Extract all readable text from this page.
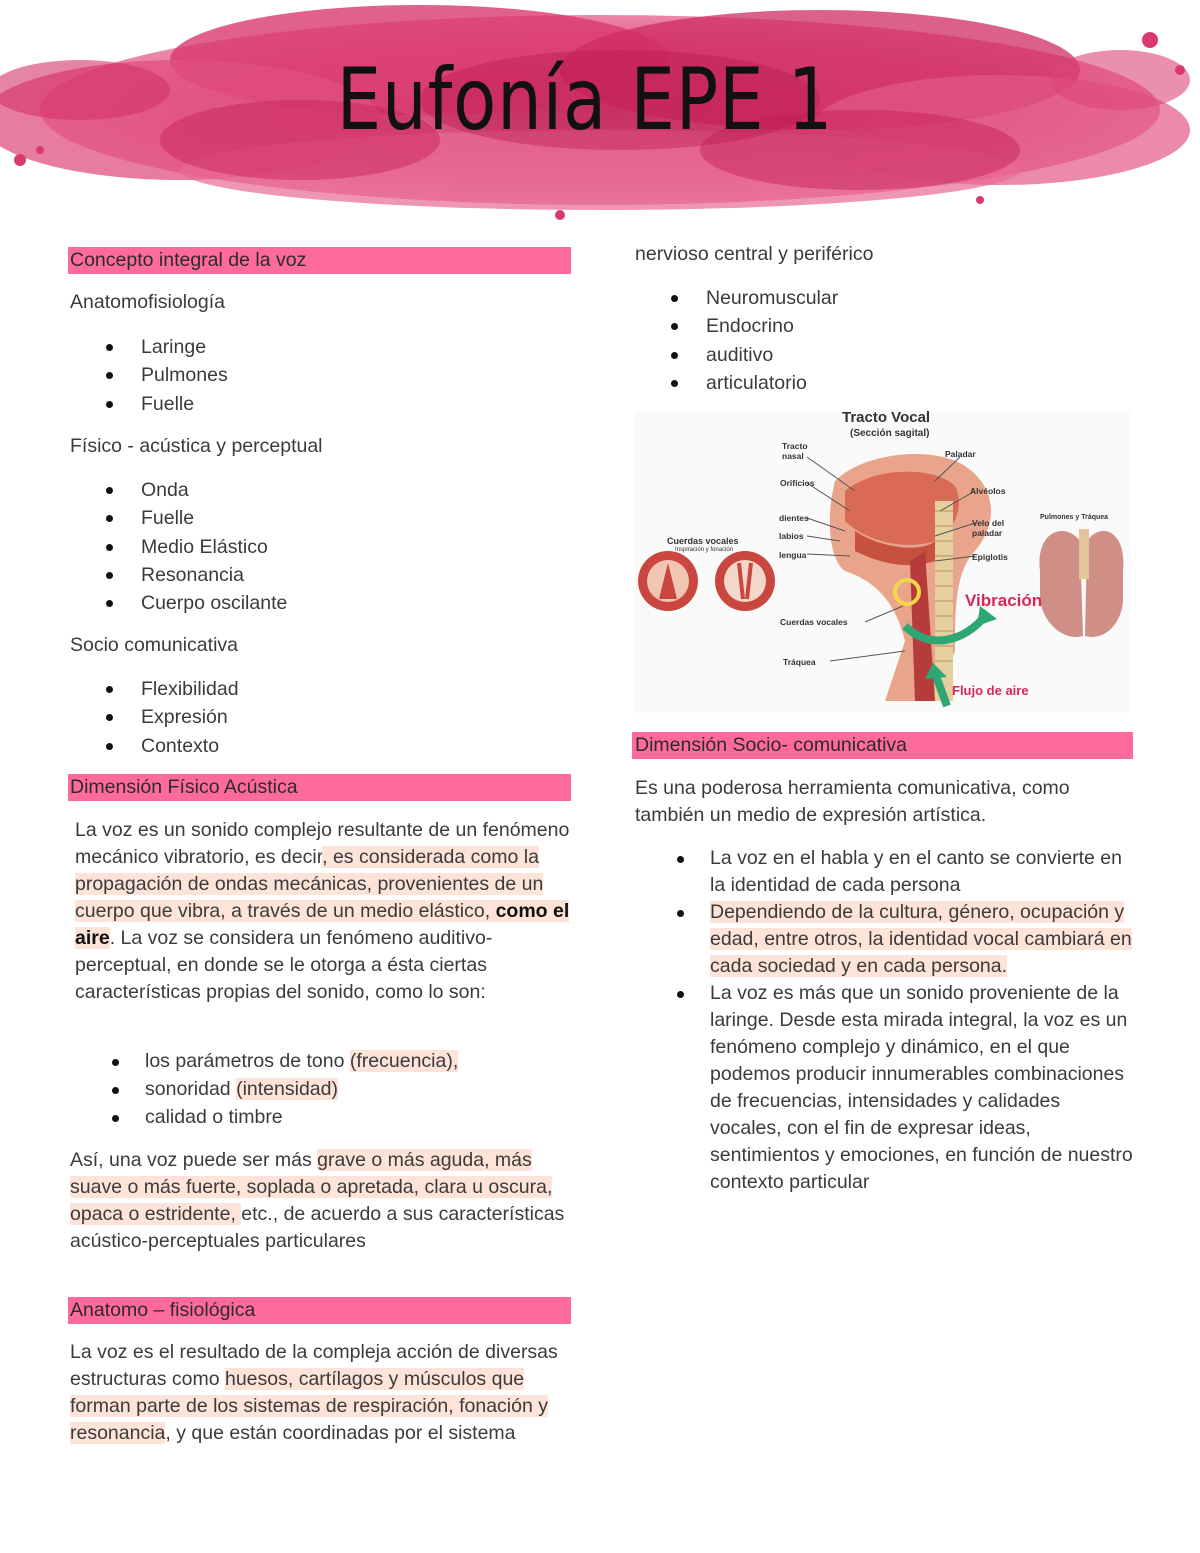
Eufonía EPE 1
Concepto integral de la voz

Anatomofisiología

Laringe
Pulmones
Fuelle

Físico - acústica y perceptual

Onda
Fuelle
Medio Elástico
Resonancia
Cuerpo oscilante

Socio comunicativa

Flexibilidad
Expresión
Contexto
Dimensión Físico Acústica

La voz es un sonido complejo resultante de un fenómeno mecánico vibratorio, es decir, es considerada como la propagación de ondas mecánicas, provenientes de un cuerpo que vibra, a través de un medio elástico, como el aire. La voz se considera un fenómeno auditivo-perceptual, en donde se le otorga a ésta ciertas características propias del sonido, como lo son:

los parámetros de tono (frecuencia),
sonoridad (intensidad)
calidad o timbre

Así, una voz puede ser más grave o más aguda, más suave o más fuerte, soplada o apretada, clara u oscura, opaca o estridente, etc., de acuerdo a sus características acústico-perceptuales particulares

Anatomo – fisiológica

La voz es el resultado de la compleja acción de diversas estructuras como huesos, cartílagos y músculos que forman parte de los sistemas de respiración, fonación y resonancia, y que están coordinadas por el sistema

nervioso central y periférico

Neuromuscular
Endocrino
auditivo
articulatorio
Tracto Vocal
(Sección sagital)
Tracto nasal
Orificios
dientes
labios
lengua
Paladar
Alvéolos
Velo del paladar
Epiglotis
Cuerdas vocales
Tráquea
Cuerdas vocales
Inspiración y fonación
Pulmones y Tráquea
Vibración
Flujo de aire
Dimensión Socio- comunicativa

Es una poderosa herramienta comunicativa, como también un medio de expresión artística.

La voz en el habla y en el canto se convierte en la identidad de cada persona
Dependiendo de la cultura, género, ocupación y edad, entre otros, la identidad vocal cambiará en cada sociedad y en cada persona.
La voz es más que un sonido proveniente de la laringe. Desde esta mirada integral, la voz es un fenómeno complejo y dinámico, en el que podemos producir innumerables combinaciones de frecuencias, intensidades y calidades vocales, con el fin de expresar ideas, sentimientos y emociones, en función de nuestro contexto particular
